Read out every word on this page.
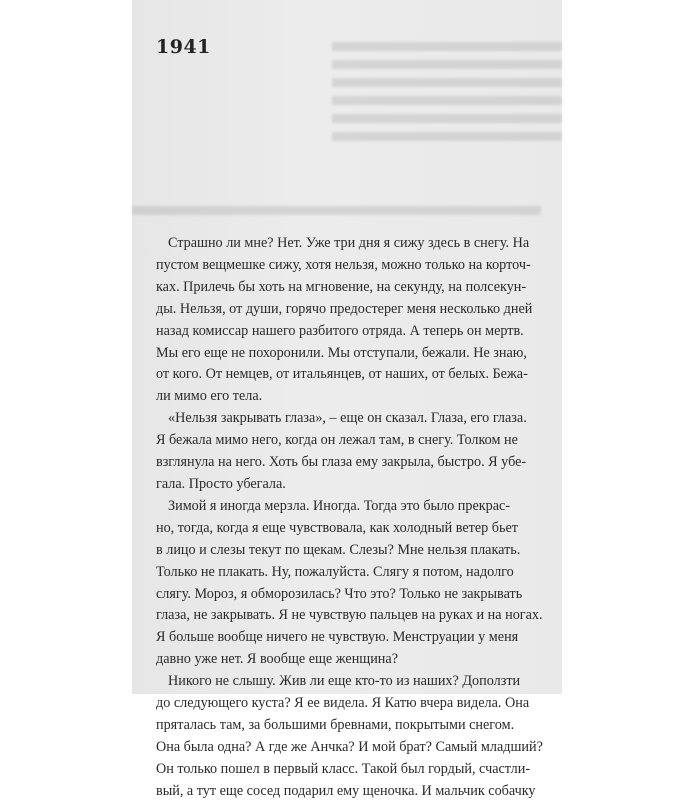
1941
Страшно ли мне? Нет. Уже три дня я сижу здесь в снегу. На
пустом вещмешке сижу, хотя нельзя, можно только на корточ-
ках. Прилечь бы хоть на мгновение, на секунду, на полсекун-
ды. Нельзя, от души, горячо предостерег меня несколько дней
назад комиссар нашего разбитого отряда. А теперь он мертв.
Мы его еще не похоронили. Мы отступали, бежали. Не знаю,
от кого. От немцев, от итальянцев, от наших, от белых. Бежа-
ли мимо его тела.
«Нельзя закрывать глаза», – еще он сказал. Глаза, его глаза.
Я бежала мимо него, когда он лежал там, в снегу. Толком не
взглянула на него. Хоть бы глаза ему закрыла, быстро. Я убе-
гала. Просто убегала.
Зимой я иногда мерзла. Иногда. Тогда это было прекрас-
но, тогда, когда я еще чувствовала, как холодный ветер бьет
в лицо и слезы текут по щекам. Слезы? Мне нельзя плакать.
Только не плакать. Ну, пожалуйста. Слягу я потом, надолго
слягу. Мороз, я обморозилась? Что это? Только не закрывать
глаза, не закрывать. Я не чувствую пальцев на руках и на ногах.
Я больше вообще ничего не чувствую. Менструации у меня
давно уже нет. Я вообще еще женщина?
Никого не слышу. Жив ли еще кто-то из наших? Доползти
до следующего куста? Я ее видела. Я Катю вчера видела. Она
пряталась там, за большими бревнами, покрытыми снегом.
Она была одна? А где же Анчка? И мой брат? Самый младший?
Он только пошел в первый класс. Такой был гордый, счастли-
вый, а тут еще сосед подарил ему щеночка. И мальчик собачку
